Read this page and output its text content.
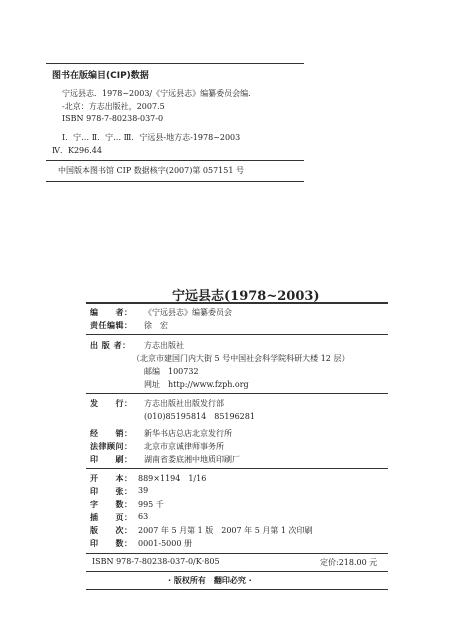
图书在版编目(CIP)数据
宁远县志．1978~2003/《宁远县志》编纂委员会编．
-北京：方志出版社，2007.5
ISBN 978-7-80238-037-0
Ⅰ．宁… Ⅱ．宁… Ⅲ．宁远县-地方志-1978~2003
Ⅳ．K296.44
中国版本图书馆 CIP 数据核字(2007)第 057151 号
宁远县志(1978~2003)
编　　者： 《宁远县志》编纂委员会
责任编辑： 徐　宏
出 版 者： 方志出版社
（北京市建国门内大街 5 号中国社会科学院科研大楼 12 层）
邮编　100732
网址　http://www.fzph.org
发　　行： 方志出版社出版发行部
(010)85195814　85196281
经　　销： 新华书店总店北京发行所
法律顾问： 北京市京诚律师事务所
印　　刷： 湖南省娄底湘中地质印刷厂
开　　本： 889×1194　1/16
印　　张： 39
字　　数： 995 千
插　　页： 63
版　　次： 2007 年 5 月第 1 版　2007 年 5 月第 1 次印刷
印　　数： 0001-5000 册
ISBN 978-7-80238-037-0/K·805	定价:218.00 元
· 版权所有　翻印必究 ·
